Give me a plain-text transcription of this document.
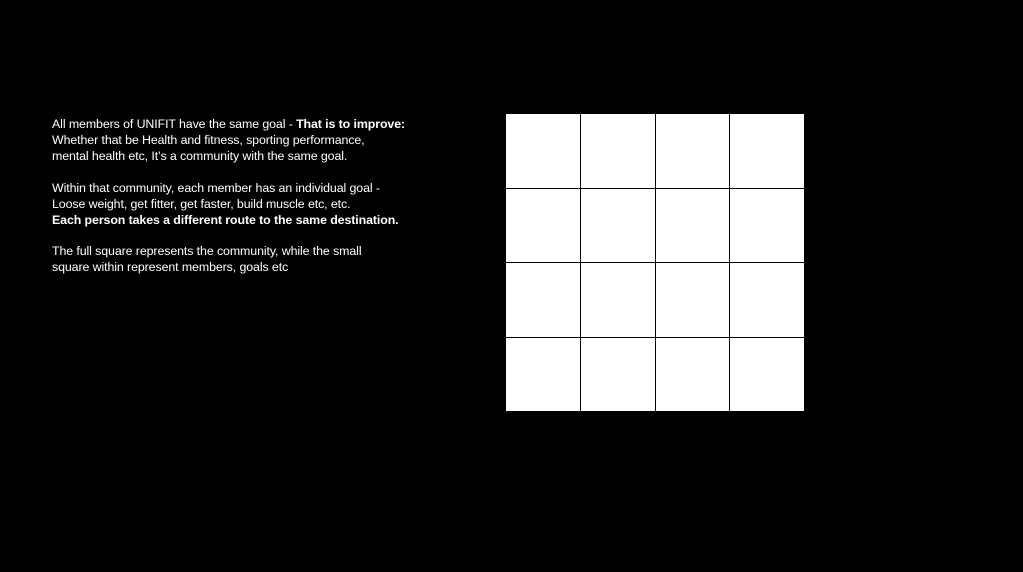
All members of UNIFIT have the same goal - That is to improve:
Whether that be Health and fitness, sporting performance,
mental health etc, It’s a community with the same goal.

Within that community, each member has an individual goal -
Loose weight, get fitter, get faster, build muscle etc, etc.
Each person takes a different route to the same destination.

The full square represents the community, while the small
square within represent members, goals etc
